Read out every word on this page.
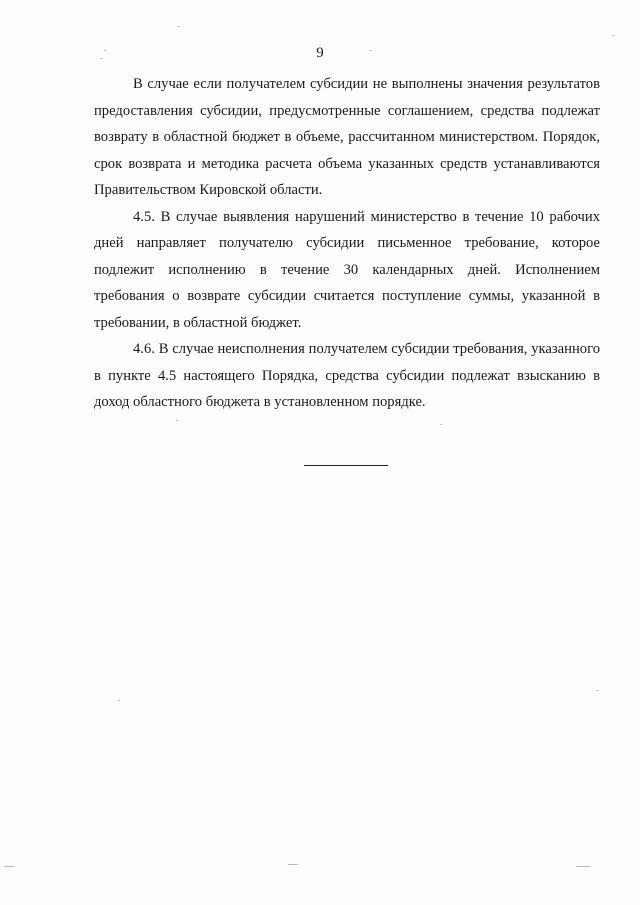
9

В случае если получателем субсидии не выполнены значения результатов предоставления субсидии, предусмотренные соглашением, средства подлежат возврату в областной бюджет в объеме, рассчитанном министерством. Порядок, срок возврата и методика расчета объема указанных средств устанавливаются Правительством Кировской области.

4.5. В случае выявления нарушений министерство в течение 10 рабочих дней направляет получателю субсидии письменное требование, которое подлежит исполнению в течение 30 календарных дней. Исполнением требования о возврате субсидии считается поступление суммы, указанной в требовании, в областной бюджет.

4.6. В случае неисполнения получателем субсидии требования, указанного в пункте 4.5 настоящего Порядка, средства субсидии подлежат взысканию в доход областного бюджета в установленном порядке.
